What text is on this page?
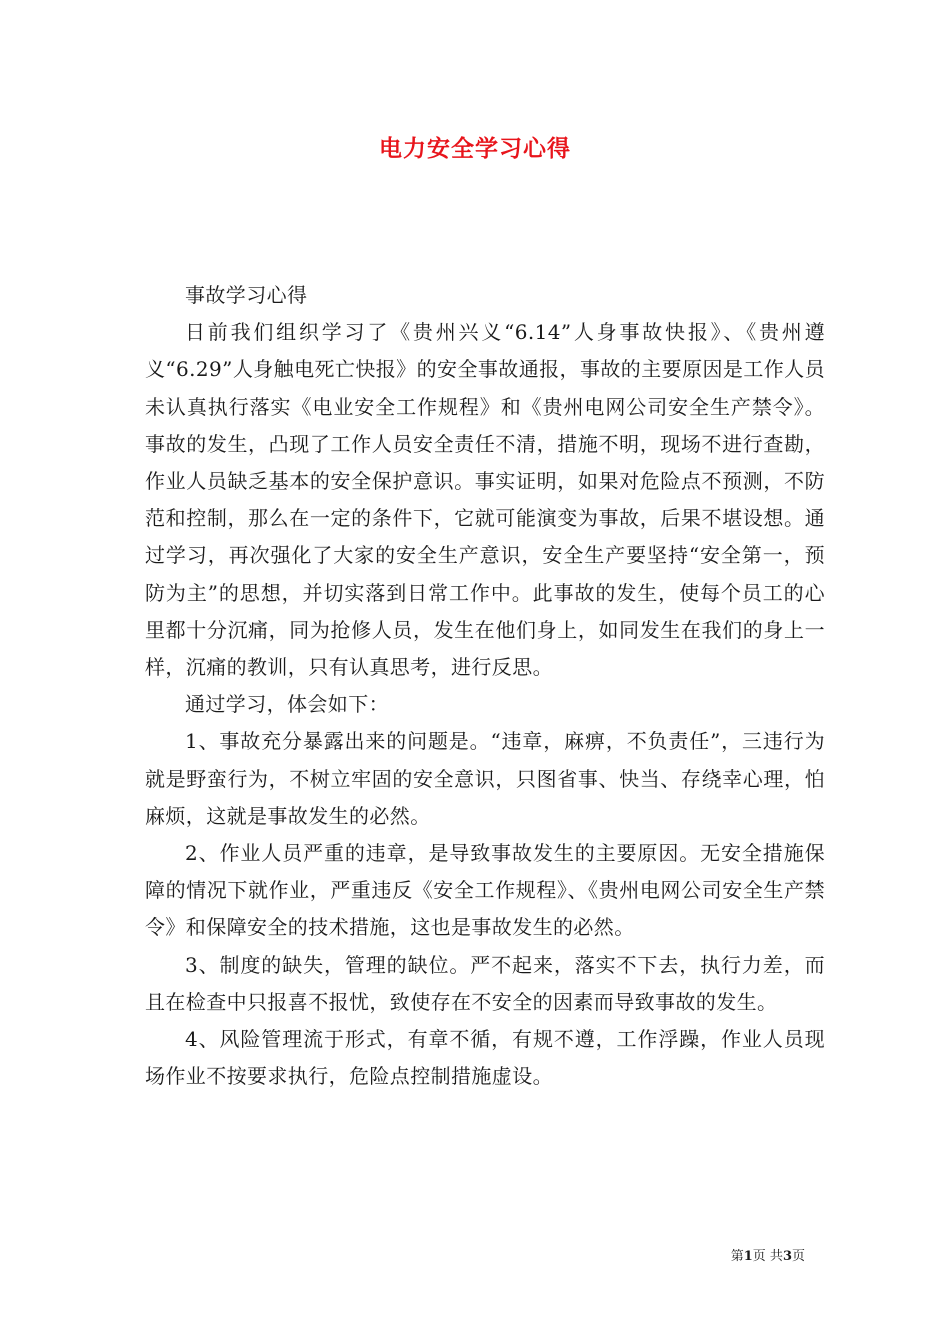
电力安全学习心得

事故学习心得

日前我们组织学习了《贵州兴义“6.14”人身事故快报》、《贵州遵义“6.29”人身触电死亡快报》的安全事故通报，事故的主要原因是工作人员未认真执行落实《电业安全工作规程》和《贵州电网公司安全生产禁令》。事故的发生，凸现了工作人员安全责任不清，措施不明，现场不进行查勘，作业人员缺乏基本的安全保护意识。事实证明，如果对危险点不预测，不防范和控制，那么在一定的条件下，它就可能演变为事故，后果不堪设想。通过学习，再次强化了大家的安全生产意识，安全生产要坚持“安全第一，预防为主”的思想，并切实落到日常工作中。此事故的发生，使每个员工的心里都十分沉痛，同为抢修人员，发生在他们身上，如同发生在我们的身上一样，沉痛的教训，只有认真思考，进行反思。

通过学习，体会如下：

1、事故充分暴露出来的问题是。“违章，麻痹，不负责任”，三违行为就是野蛮行为，不树立牢固的安全意识，只图省事、快当、存绕幸心理，怕麻烦，这就是事故发生的必然。

2、作业人员严重的违章，是导致事故发生的主要原因。无安全措施保障的情况下就作业，严重违反《安全工作规程》、《贵州电网公司安全生产禁令》和保障安全的技术措施，这也是事故发生的必然。

3、制度的缺失，管理的缺位。严不起来，落实不下去，执行力差，而且在检查中只报喜不报忧，致使存在不安全的因素而导致事故的发生。

4、风险管理流于形式，有章不循，有规不遵，工作浮躁，作业人员现场作业不按要求执行，危险点控制措施虚设。

第1页 共3页
